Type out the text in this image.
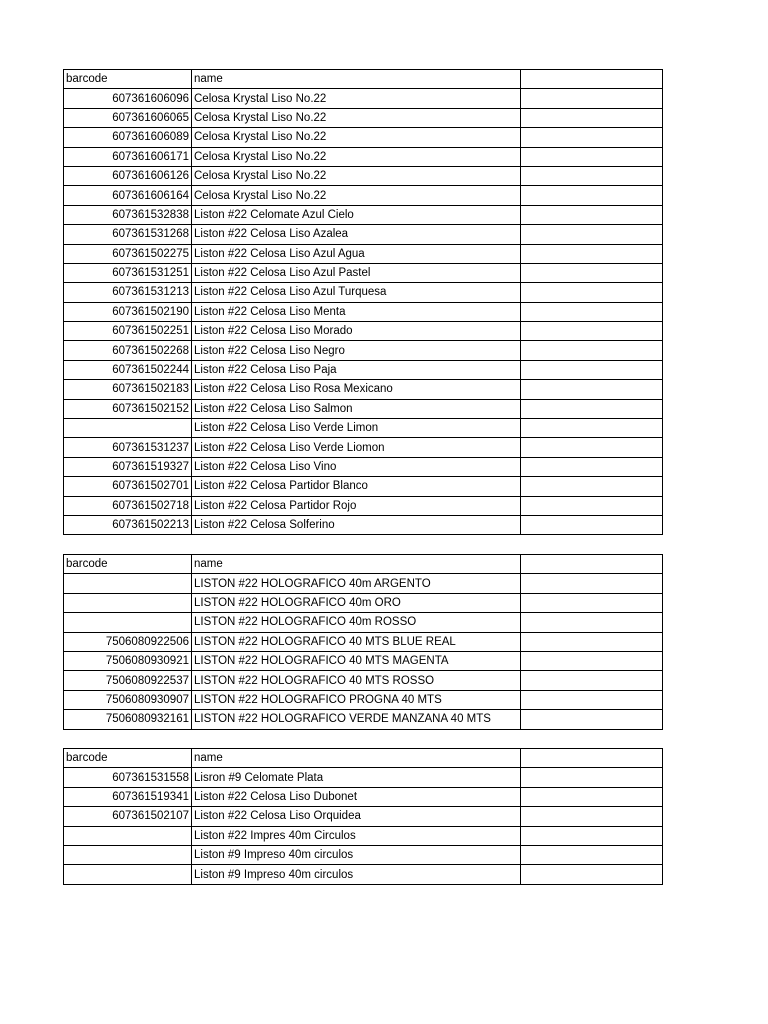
barcode	name	
607361606096	Celosa Krystal Liso No.22	
607361606065	Celosa Krystal Liso No.22	
607361606089	Celosa Krystal Liso No.22	
607361606171	Celosa Krystal Liso No.22	
607361606126	Celosa Krystal Liso No.22	
607361606164	Celosa Krystal Liso No.22	
607361532838	Liston #22 Celomate Azul Cielo	
607361531268	Liston #22 Celosa Liso Azalea	
607361502275	Liston #22 Celosa Liso Azul Agua	
607361531251	Liston #22 Celosa Liso Azul Pastel	
607361531213	Liston #22 Celosa Liso Azul Turquesa	
607361502190	Liston #22 Celosa Liso Menta	
607361502251	Liston #22 Celosa Liso Morado	
607361502268	Liston #22 Celosa Liso Negro	
607361502244	Liston #22 Celosa Liso Paja	
607361502183	Liston #22 Celosa Liso Rosa Mexicano	
607361502152	Liston #22 Celosa Liso Salmon	
	Liston #22 Celosa Liso Verde Limon	
607361531237	Liston #22 Celosa Liso Verde Liomon	
607361519327	Liston #22 Celosa Liso Vino	
607361502701	Liston #22 Celosa Partidor Blanco	
607361502718	Liston #22 Celosa Partidor Rojo	
607361502213	Liston #22 Celosa Solferino	
barcode	name	
	LISTON #22 HOLOGRAFICO 40m ARGENTO	
	LISTON #22 HOLOGRAFICO 40m ORO	
	LISTON #22 HOLOGRAFICO 40m ROSSO	
7506080922506	LISTON #22 HOLOGRAFICO 40 MTS BLUE REAL	
7506080930921	LISTON #22 HOLOGRAFICO 40 MTS MAGENTA	
7506080922537	LISTON #22 HOLOGRAFICO 40 MTS ROSSO	
7506080930907	LISTON #22 HOLOGRAFICO PROGNA 40 MTS	
7506080932161	LISTON #22 HOLOGRAFICO VERDE MANZANA 40 MTS	
barcode	name	
607361531558	Lisron #9 Celomate Plata	
607361519341	Liston #22 Celosa Liso Dubonet	
607361502107	Liston #22 Celosa Liso Orquidea	
	Liston #22 Impres 40m Circulos	
	Liston #9 Impreso 40m circulos	
	Liston #9 Impreso 40m circulos	
